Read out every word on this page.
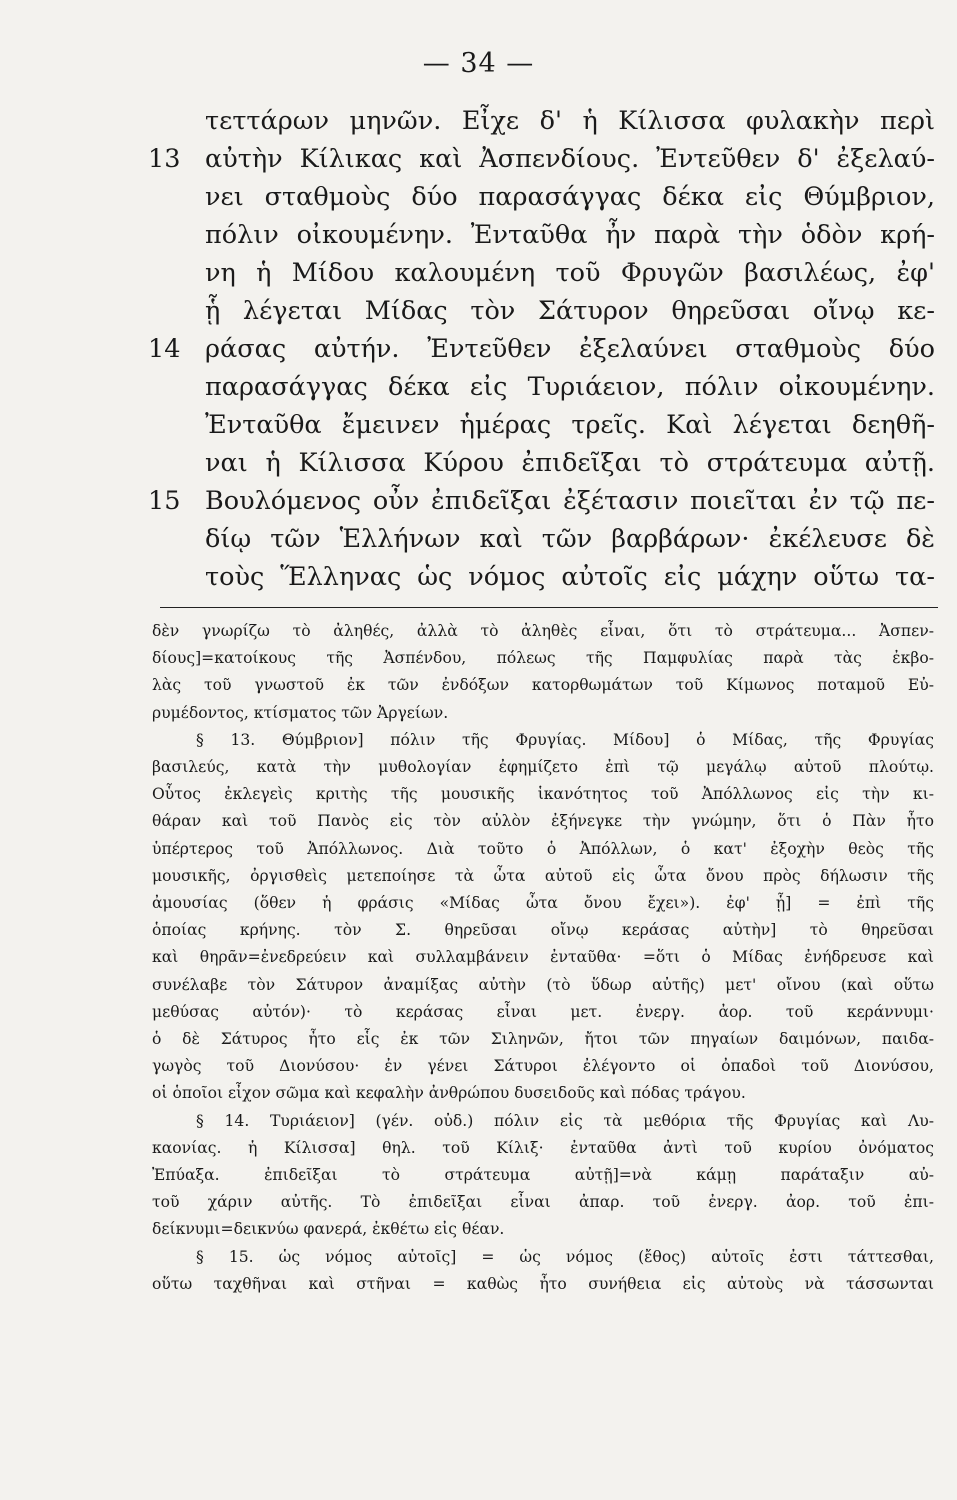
— 34 —
τεττάρων μηνῶν. Εἶχε δ' ἡ Κίλισσα φυλακὴν περὶ
13 αὐτὴν Κίλικας καὶ Ἀσπενδίους. Ἐντεῦθεν δ' ἐξελαύ-
νει σταθμοὺς δύο παρασάγγας δέκα εἰς Θύμβριον,
πόλιν οἰκουμένην. Ἐνταῦθα ἦν παρὰ τὴν ὁδὸν κρή-
νη ἡ Μίδου καλουμένη τοῦ Φρυγῶν βασιλέως, ἐφ'
ᾗ λέγεται Μίδας τὸν Σάτυρον θηρεῦσαι οἴνῳ κε-
14 ράσας αὐτήν. Ἐντεῦθεν ἐξελαύνει σταθμοὺς δύο
παρασάγγας δέκα εἰς Τυριάειον, πόλιν οἰκουμένην.
Ἐνταῦθα ἔμεινεν ἡμέρας τρεῖς. Καὶ λέγεται δεηθῆ-
ναι ἡ Κίλισσα Κύρου ἐπιδεῖξαι τὸ στράτευμα αὐτῇ.
15 Βουλόμενος οὖν ἐπιδεῖξαι ἐξέτασιν ποιεῖται ἐν τῷ πε-
δίῳ τῶν Ἑλλήνων καὶ τῶν βαρβάρων· ἐκέλευσε δὲ
τοὺς Ἕλληνας ὡς νόμος αὐτοῖς εἰς μάχην οὕτω τα-
δὲν γνωρίζω τὸ ἀληθές, ἀλλὰ τὸ ἀληθὲς εἶναι, ὅτι τὸ στράτευμα... Ἀσπεν-
δίους]=κατοίκους τῆς Ἀσπένδου, πόλεως τῆς Παμφυλίας παρὰ τὰς ἐκβο-
λὰς τοῦ γνωστοῦ ἐκ τῶν ἐνδόξων κατορθωμάτων τοῦ Κίμωνος ποταμοῦ Εὐ-
ρυμέδοντος, κτίσματος τῶν Ἀργείων.
§ 13. Θύμβριον] πόλιν τῆς Φρυγίας. Μίδου] ὁ Μίδας, τῆς Φρυγίας
βασιλεύς, κατὰ τὴν μυθολογίαν ἐφημίζετο ἐπὶ τῷ μεγάλῳ αὐτοῦ πλούτῳ.
Οὗτος ἐκλεγεὶς κριτὴς τῆς μουσικῆς ἱκανότητος τοῦ Ἀπόλλωνος εἰς τὴν κι-
θάραν καὶ τοῦ Πανὸς εἰς τὸν αὐλὸν ἐξήνεγκε τὴν γνώμην, ὅτι ὁ Πὰν ἦτο
ὑπέρτερος τοῦ Ἀπόλλωνος. Διὰ τοῦτο ὁ Ἀπόλλων, ὁ κατ' ἐξοχὴν θεὸς τῆς
μουσικῆς, ὀργισθεὶς μετεποίησε τὰ ὦτα αὐτοῦ εἰς ὦτα ὄνου πρὸς δήλωσιν τῆς
ἀμουσίας (ὅθεν ἡ φράσις «Μίδας ὦτα ὄνου ἔχει»). ἐφ' ᾗ] = ἐπὶ τῆς
ὁποίας κρήνης. τὸν Σ. θηρεῦσαι οἴνῳ κεράσας αὐτὴν] τὸ θηρεῦσαι
καὶ θηρᾶν=ἐνεδρεύειν καὶ συλλαμβάνειν ἐνταῦθα· =ὅτι ὁ Μίδας ἐνήδρευσε καὶ
συνέλαβε τὸν Σάτυρον ἀναμίξας αὐτὴν (τὸ ὕδωρ αὐτῆς) μετ' οἴνου (καὶ οὕτω
μεθύσας αὐτόν)· τὸ κεράσας εἶναι μετ. ἐνεργ. ἀορ. τοῦ κεράννυμι·
ὁ δὲ Σάτυρος ἦτο εἷς ἐκ τῶν Σιληνῶν, ἤτοι τῶν πηγαίων δαιμόνων, παιδα-
γωγὸς τοῦ Διονύσου· ἐν γένει Σάτυροι ἐλέγοντο οἱ ὀπαδοὶ τοῦ Διονύσου,
οἱ ὁποῖοι εἶχον σῶμα καὶ κεφαλὴν ἀνθρώπου δυσειδοῦς καὶ πόδας τράγου.
§ 14. Τυριάειον] (γέν. οὐδ.) πόλιν εἰς τὰ μεθόρια τῆς Φρυγίας καὶ Λυ-
καονίας. ἡ Κίλισσα] θηλ. τοῦ Κίλιξ· ἐνταῦθα ἀντὶ τοῦ κυρίου ὀνόματος
Ἐπύαξα. ἐπιδεῖξαι τὸ στράτευμα αὐτῇ]=νὰ κάμῃ παράταξιν αὐ-
τοῦ χάριν αὐτῆς. Τὸ ἐπιδεῖξαι εἶναι ἀπαρ. τοῦ ἐνεργ. ἀορ. τοῦ ἐπι-
δείκνυμι=δεικνύω φανερά, ἐκθέτω εἰς θέαν.
§ 15. ὡς νόμος αὐτοῖς] = ὡς νόμος (ἔθος) αὐτοῖς ἐστι τάττεσθαι,
οὕτω ταχθῆναι καὶ στῆναι = καθὼς ἦτο συνήθεια εἰς αὐτοὺς νὰ τάσσωνται
